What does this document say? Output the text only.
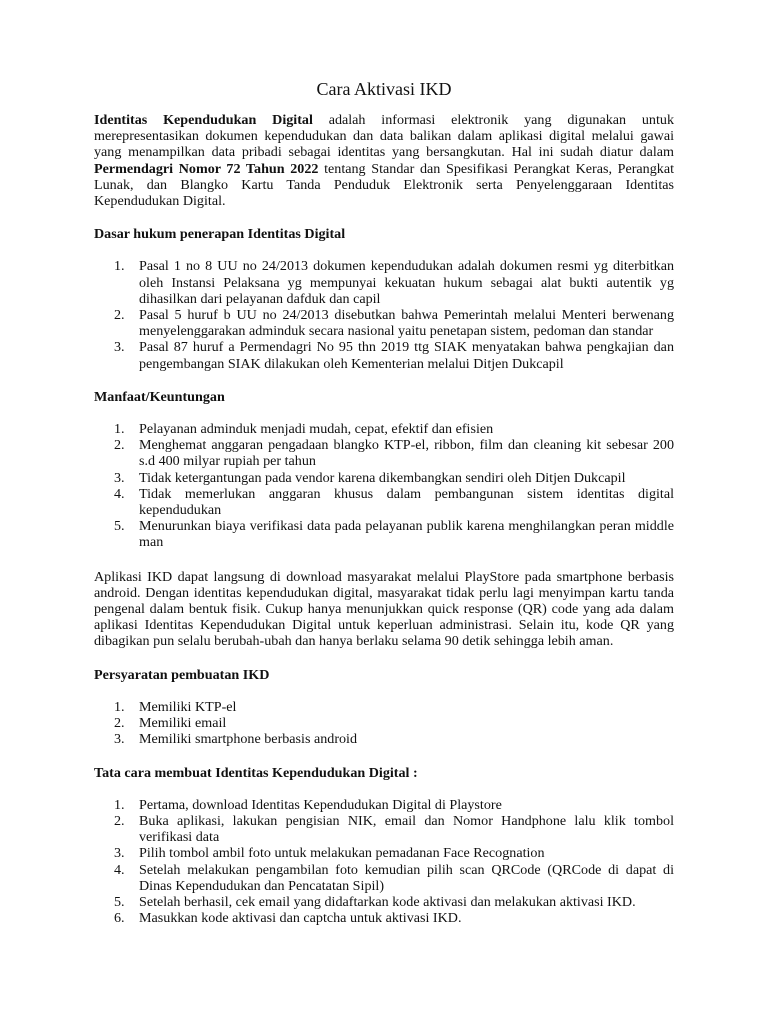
Cara Aktivasi IKD

Identitas Kependudukan Digital adalah informasi elektronik yang digunakan untuk merepresentasikan dokumen kependudukan dan data balikan dalam aplikasi digital melalui gawai yang menampilkan data pribadi sebagai identitas yang bersangkutan. Hal ini sudah diatur dalam Permendagri Nomor 72 Tahun 2022 tentang Standar dan Spesifikasi Perangkat Keras, Perangkat Lunak, dan Blangko Kartu Tanda Penduduk Elektronik serta Penyelenggaraan Identitas Kependudukan Digital.

Dasar hukum penerapan Identitas Digital

1. Pasal 1 no 8 UU no 24/2013 dokumen kependudukan adalah dokumen resmi yg diterbitkan oleh Instansi Pelaksana yg mempunyai kekuatan hukum sebagai alat bukti autentik yg dihasilkan dari pelayanan dafduk dan capil
2. Pasal 5 huruf b UU no 24/2013 disebutkan bahwa Pemerintah melalui Menteri berwenang menyelenggarakan adminduk secara nasional yaitu penetapan sistem, pedoman dan standar
3. Pasal 87 huruf a Permendagri No 95 thn 2019 ttg SIAK menyatakan bahwa pengkajian dan pengembangan SIAK dilakukan oleh Kementerian melalui Ditjen Dukcapil

Manfaat/Keuntungan

1. Pelayanan adminduk menjadi mudah, cepat, efektif dan efisien
2. Menghemat anggaran pengadaan blangko KTP-el, ribbon, film dan cleaning kit sebesar 200 s.d 400 milyar rupiah per tahun
3. Tidak ketergantungan pada vendor karena dikembangkan sendiri oleh Ditjen Dukcapil
4. Tidak memerlukan anggaran khusus dalam pembangunan sistem identitas digital kependudukan
5. Menurunkan biaya verifikasi data pada pelayanan publik karena menghilangkan peran middle man

Aplikasi IKD dapat langsung di download masyarakat melalui PlayStore pada smartphone berbasis android. Dengan identitas kependudukan digital, masyarakat tidak perlu lagi menyimpan kartu tanda pengenal dalam bentuk fisik. Cukup hanya menunjukkan quick response (QR) code yang ada dalam aplikasi Identitas Kependudukan Digital untuk keperluan administrasi. Selain itu, kode QR yang dibagikan pun selalu berubah-ubah dan hanya berlaku selama 90 detik sehingga lebih aman.

Persyaratan pembuatan IKD

1. Memiliki KTP-el
2. Memiliki email
3. Memiliki smartphone berbasis android

Tata cara membuat Identitas Kependudukan Digital :

1. Pertama, download Identitas Kependudukan Digital di Playstore
2. Buka aplikasi, lakukan pengisian NIK, email dan Nomor Handphone lalu klik tombol verifikasi data
3. Pilih tombol ambil foto untuk melakukan pemadanan Face Recognation
4. Setelah melakukan pengambilan foto kemudian pilih scan QRCode (QRCode di dapat di Dinas Kependudukan dan Pencatatan Sipil)
5. Setelah berhasil, cek email yang didaftarkan kode aktivasi dan melakukan aktivasi IKD.
6. Masukkan kode aktivasi dan captcha untuk aktivasi IKD.
